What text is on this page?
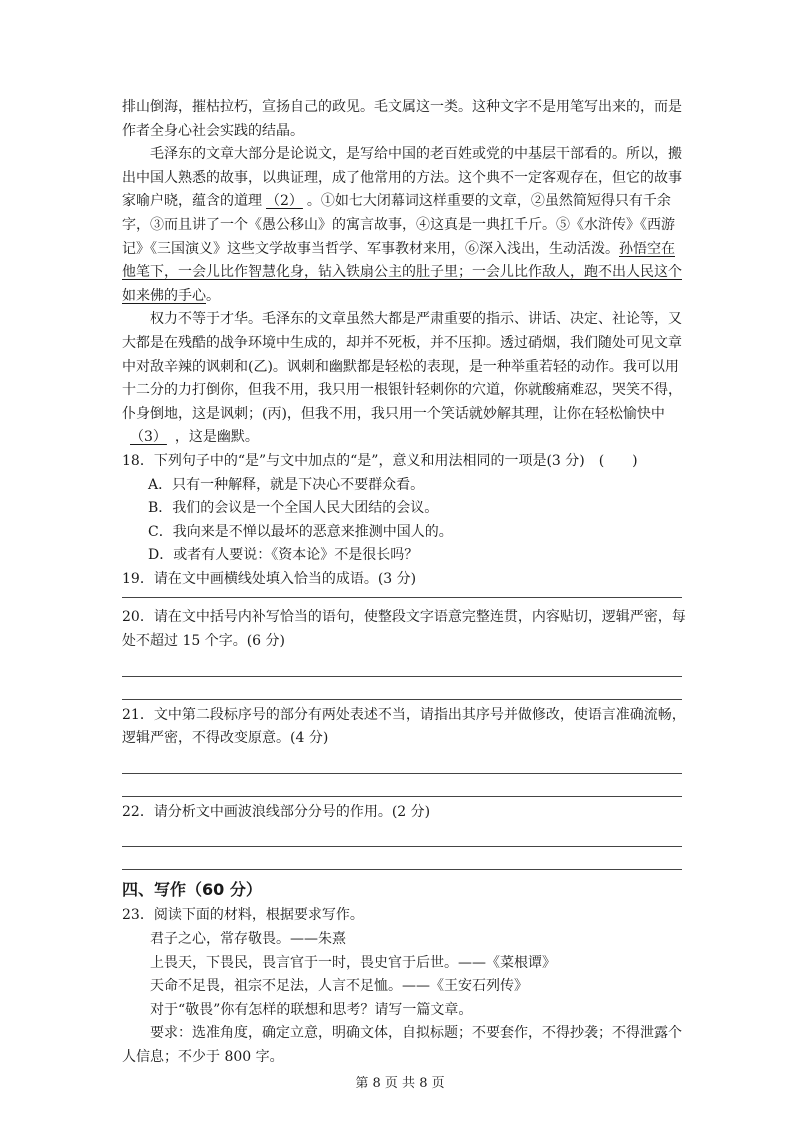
排山倒海，摧枯拉朽，宣扬自己的政见。毛文属这一类。这种文字不是用笔写出来的，而是
作者全身心社会实践的结晶。
毛泽东的文章大部分是论说文，是写给中国的老百姓或党的中基层干部看的。所以，搬
出中国人熟悉的故事，以典证理，成了他常用的方法。这个典不一定客观存在，但它的故事
家喻户晓，蕴含的道理 （2） 。①如七大闭幕词这样重要的文章，②虽然简短得只有千余
字，③而且讲了一个《愚公移山》的寓言故事，④这真是一典扛千斤。⑤《水浒传》《西游
记》《三国演义》这些文学故事当哲学、军事教材来用，⑥深入浅出，生动活泼。孙悟空在
他笔下，一会儿比作智慧化身，钻入铁扇公主的肚子里；一会儿比作敌人，跑不出人民这个
如来佛的手心。
权力不等于才华。毛泽东的文章虽然大都是严肃重要的指示、讲话、决定、社论等，又
大都是在残酷的战争环境中生成的，却并不死板，并不压抑。透过硝烟，我们随处可见文章
中对敌辛辣的讽刺和(乙)。讽刺和幽默都是轻松的表现，是一种举重若轻的动作。我可以用
十二分的力打倒你，但我不用，我只用一根银针轻刺你的穴道，你就酸痛难忍，哭笑不得，
仆身倒地，这是讽刺；(丙)，但我不用，我只用一个笑话就妙解其理，让你在轻松愉快中
（3） ，这是幽默。
18．下列句子中的“是”与文中加点的“是”，意义和用法相同的一项是(3 分)　(　　)
A．只有一种解释，就是下决心不要群众看。
B．我们的会议是一个全国人民大团结的会议。
C．我向来是不惮以最坏的恶意来推测中国人的。
D．或者有人要说：《资本论》不是很长吗？
19．请在文中画横线处填入恰当的成语。(3 分)
20．请在文中括号内补写恰当的语句，使整段文字语意完整连贯，内容贴切，逻辑严密，每
处不超过 15 个字。(6 分)
21．文中第二段标序号的部分有两处表述不当，请指出其序号并做修改，使语言准确流畅，
逻辑严密，不得改变原意。(4 分)
22．请分析文中画波浪线部分分号的作用。(2 分)
四、写作（60 分）
23．阅读下面的材料，根据要求写作。
君子之心，常存敬畏。——朱熹
上畏天，下畏民，畏言官于一时，畏史官于后世。——《菜根谭》
天命不足畏，祖宗不足法，人言不足恤。——《王安石列传》
对于“敬畏”你有怎样的联想和思考？请写一篇文章。
要求：选准角度，确定立意，明确文体，自拟标题；不要套作，不得抄袭；不得泄露个
人信息；不少于 800 字。
第 8 页 共 8 页
